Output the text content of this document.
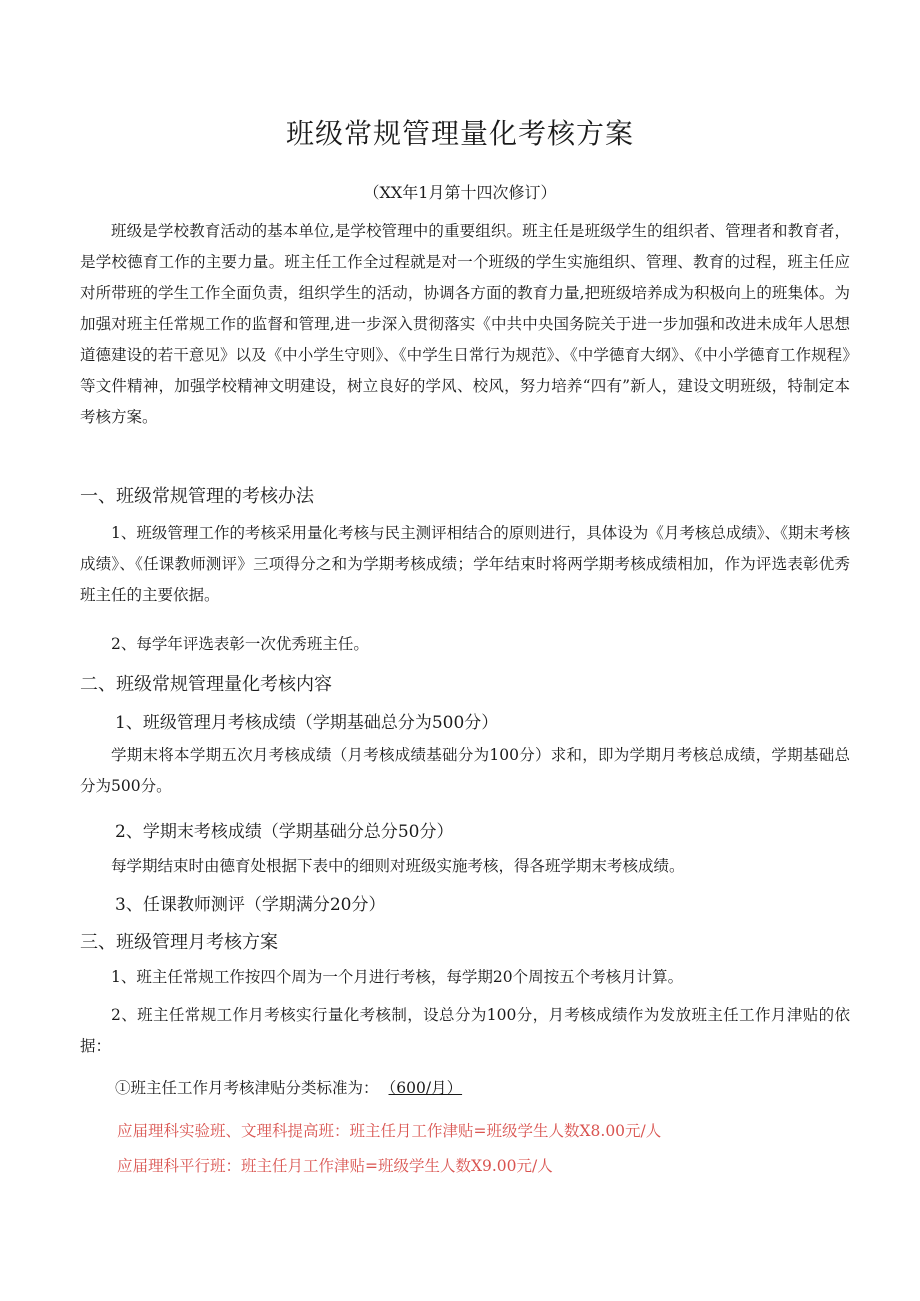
班级常规管理量化考核方案

（XX年1月第十四次修订）

班级是学校教育活动的基本单位,是学校管理中的重要组织。班主任是班级学生的组织者、管理者和教育者，是学校德育工作的主要力量。班主任工作全过程就是对一个班级的学生实施组织、管理、教育的过程，班主任应对所带班的学生工作全面负责，组织学生的活动，协调各方面的教育力量,把班级培养成为积极向上的班集体。为加强对班主任常规工作的监督和管理,进一步深入贯彻落实《中共中央国务院关于进一步加强和改进未成年人思想道德建设的若干意见》以及《中小学生守则》、《中学生日常行为规范》、《中学德育大纲》、《中小学德育工作规程》等文件精神，加强学校精神文明建设，树立良好的学风、校风，努力培养“四有”新人，建设文明班级，特制定本考核方案。

一、班级常规管理的考核办法

1、班级管理工作的考核采用量化考核与民主测评相结合的原则进行，具体设为《月考核总成绩》、《期末考核成绩》、《任课教师测评》三项得分之和为学期考核成绩；学年结束时将两学期考核成绩相加，作为评选表彰优秀班主任的主要依据。

2、每学年评选表彰一次优秀班主任。

二、班级常规管理量化考核内容
1、班级管理月考核成绩（学期基础总分为500分）

学期末将本学期五次月考核成绩（月考核成绩基础分为100分）求和，即为学期月考核总成绩，学期基础总分为500分。

2、学期末考核成绩（学期基础分总分50分）

每学期结束时由德育处根据下表中的细则对班级实施考核，得各班学期末考核成绩。

3、任课教师测评（学期满分20分）
三、班级管理月考核方案

1、班主任常规工作按四个周为一个月进行考核，每学期20个周按五个考核月计算。

2、班主任常规工作月考核实行量化考核制，设总分为100分，月考核成绩作为发放班主任工作月津贴的依据：

①班主任工作月考核津贴分类标准为： （600/月）

应届理科实验班、文理科提高班：班主任月工作津贴=班级学生人数X8.00元/人

应届理科平行班：班主任月工作津贴=班级学生人数X9.00元/人
